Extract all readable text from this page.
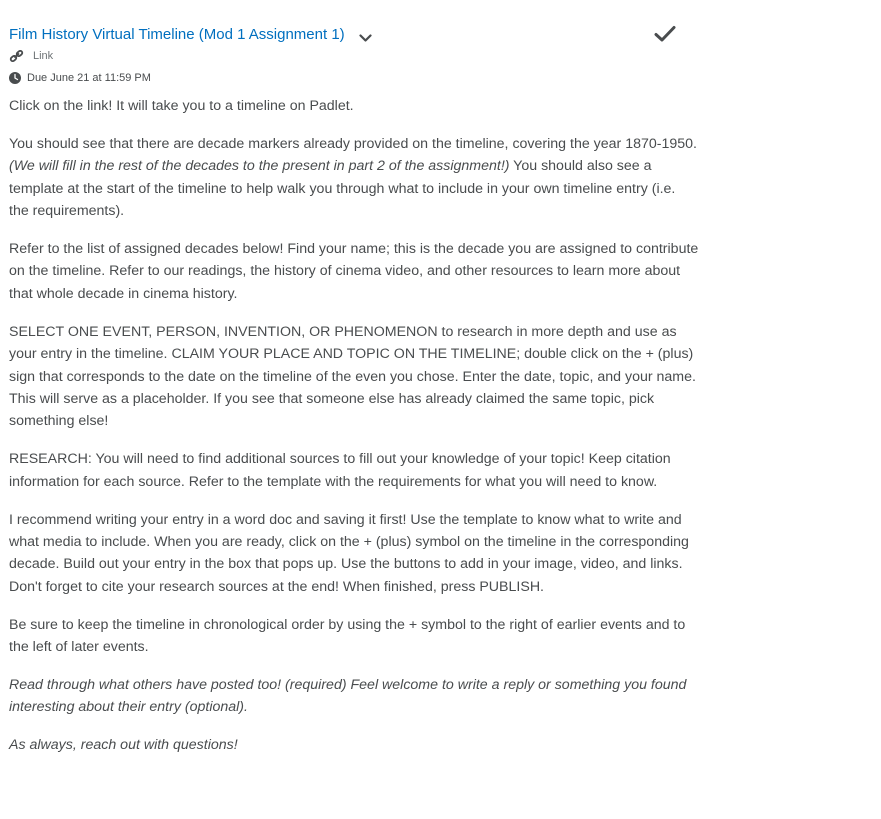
Film History Virtual Timeline (Mod 1 Assignment 1)
Link
Due June 21 at 11:59 PM

Click on the link! It will take you to a timeline on Padlet.

You should see that there are decade markers already provided on the timeline, covering the year 1870-1950. (We will fill in the rest of the decades to the present in part 2 of the assignment!) You should also see a template at the start of the timeline to help walk you through what to include in your own timeline entry (i.e. the requirements).

Refer to the list of assigned decades below! Find your name; this is the decade you are assigned to contribute on the timeline. Refer to our readings, the history of cinema video, and other resources to learn more about that whole decade in cinema history.

SELECT ONE EVENT, PERSON, INVENTION, OR PHENOMENON to research in more depth and use as your entry in the timeline. CLAIM YOUR PLACE AND TOPIC ON THE TIMELINE; double click on the + (plus) sign that corresponds to the date on the timeline of the even you chose. Enter the date, topic, and your name. This will serve as a placeholder. If you see that someone else has already claimed the same topic, pick something else!

RESEARCH: You will need to find additional sources to fill out your knowledge of your topic! Keep citation information for each source. Refer to the template with the requirements for what you will need to know.

I recommend writing your entry in a word doc and saving it first! Use the template to know what to write and what media to include. When you are ready, click on the + (plus) symbol on the timeline in the corresponding decade. Build out your entry in the box that pops up. Use the buttons to add in your image, video, and links. Don't forget to cite your research sources at the end! When finished, press PUBLISH.

Be sure to keep the timeline in chronological order by using the + symbol to the right of earlier events and to the left of later events.

Read through what others have posted too! (required) Feel welcome to write a reply or something you found interesting about their entry (optional).

As always, reach out with questions!
